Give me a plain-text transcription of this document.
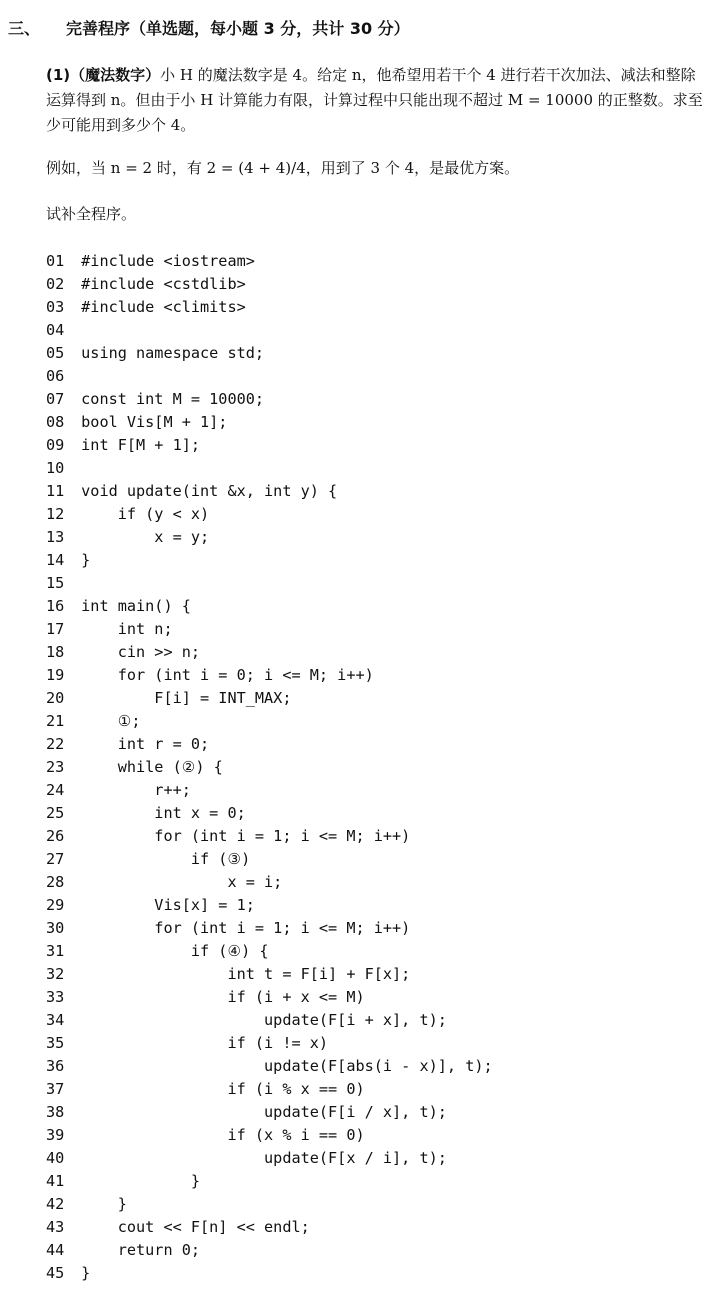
三、 完善程序（单选题，每小题 3 分，共计 30 分）

(1)（魔法数字）小 H 的魔法数字是 4。给定 n，他希望用若干个 4 进行若干次加法、减法和整除运算得到 n。但由于小 H 计算能力有限，计算过程中只能出现不超过 M = 10000 的正整数。求至少可能用到多少个 4。

例如，当 n = 2 时，有 2 = (4 + 4)/4，用到了 3 个 4，是最优方案。
试补全程序。
01 #include <iostream>
02 #include <cstdlib>
03 #include <climits>
04
05 using namespace std;
06
07 const int M = 10000;
08 bool Vis[M + 1];
09 int F[M + 1];
10
11 void update(int &x, int y) {
12     if (y < x)
13         x = y;
14 }
15
16 int main() {
17     int n;
18     cin >> n;
19     for (int i = 0; i <= M; i++)
20         F[i] = INT_MAX;
21     ①;
22     int r = 0;
23     while (②) {
24         r++;
25         int x = 0;
26         for (int i = 1; i <= M; i++)
27             if (③)
28                 x = i;
29         Vis[x] = 1;
30         for (int i = 1; i <= M; i++)
31             if (④) {
32                 int t = F[i] + F[x];
33                 if (i + x <= M)
34                     update(F[i + x], t);
35                 if (i != x)
36                     update(F[abs(i - x)], t);
37                 if (i % x == 0)
38                     update(F[i / x], t);
39                 if (x % i == 0)
40                     update(F[x / i], t);
41             }
42     }
43     cout << F[n] << endl;
44     return 0;
45 }
